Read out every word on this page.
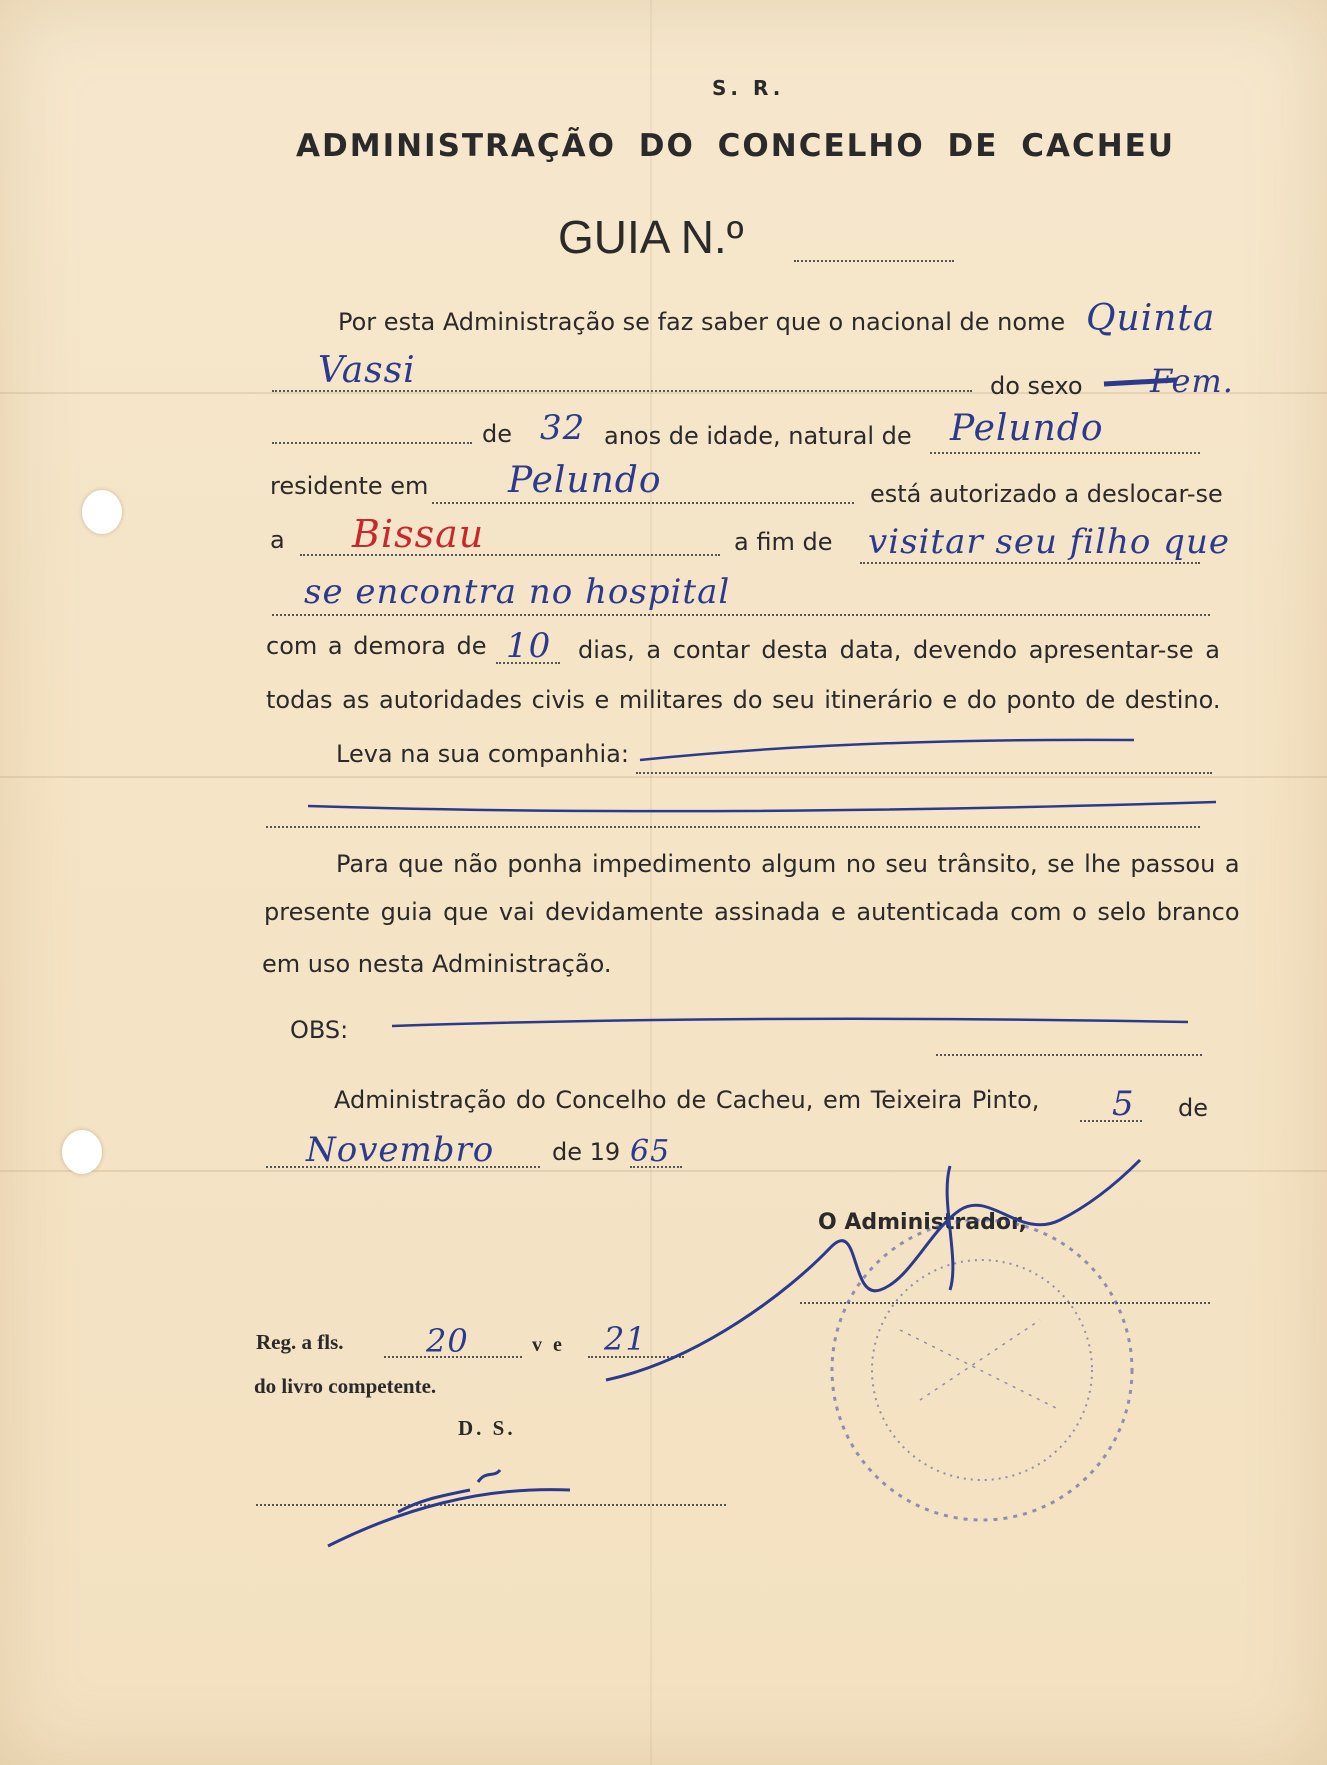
S. R.
ADMINISTRAÇÃO DO CONCELHO DE CACHEU
GUIA N.º
Por esta Administração se faz saber que o nacional de nome Quinta
Vassi	do sexo Fem.
de 32 anos de idade, natural de Pelundo
residente em Pelundo	está autorizado a deslocar-se
a Bissau	a fim de visitar seu filho que
se encontra no hospital
com a demora de 10 dias, a contar desta data, devendo apresentar-se a
todas as autoridades civis e militares do seu itinerário e do ponto de destino.
Leva na sua companhia:
Para que não ponha impedimento algum no seu trânsito, se lhe passou a
presente guia que vai devidamente assinada e autenticada com o selo branco
em uso nesta Administração.
OBS:
Administração do Concelho de Cacheu, em Teixeira Pinto, 5 de
Novembro de 19 65
O Administrador,
Reg. a fls.	20	v e 21
do livro competente.
D. S.
